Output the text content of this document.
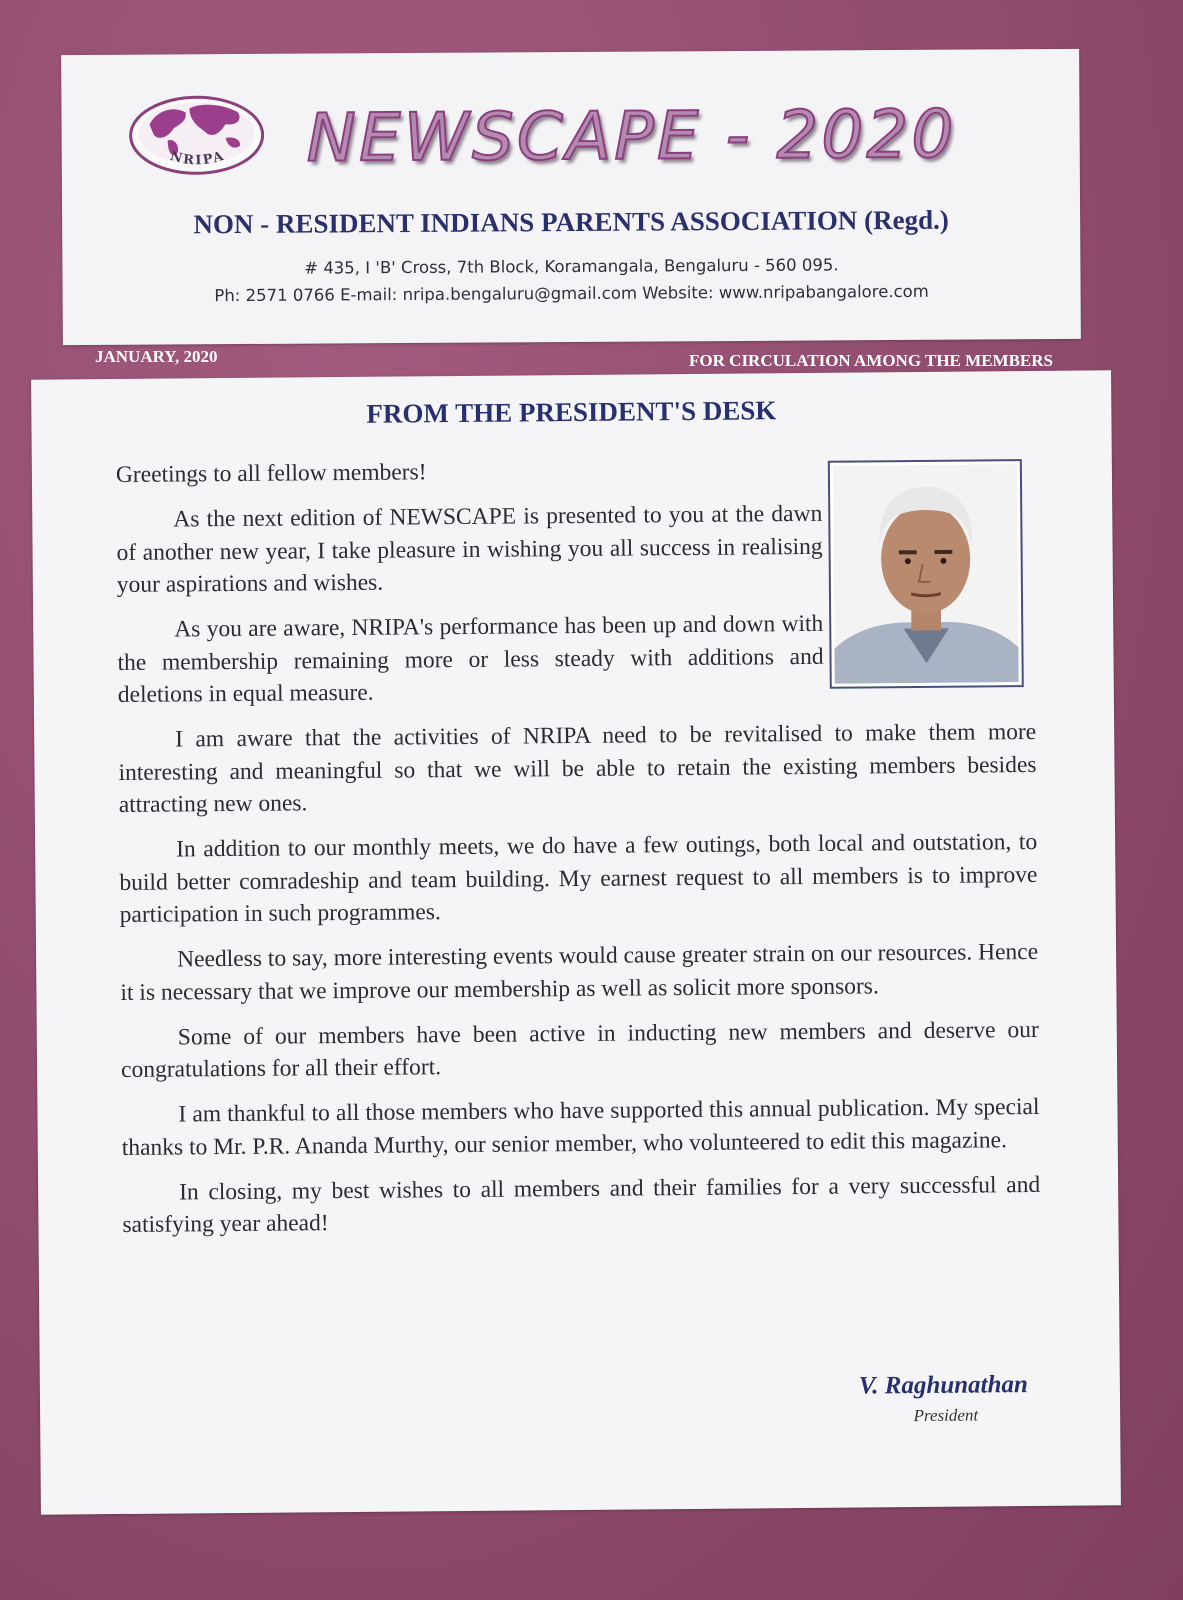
NRIPA NEWSCAPE - 2020
NON - RESIDENT INDIANS PARENTS ASSOCIATION (Regd.)
# 435, I 'B' Cross, 7th Block, Koramangala, Bengaluru - 560 095.
Ph: 2571 0766 E-mail: nripa.bengaluru@gmail.com Website: www.nripabangalore.com
JANUARY, 2020	FOR CIRCULATION AMONG THE MEMBERS
FROM THE PRESIDENT'S DESK

Greetings to all fellow members!

As the next edition of NEWSCAPE is presented to you at the dawn of another new year, I take pleasure in wishing you all success in realising your aspirations and wishes.

As you are aware, NRIPA's performance has been up and down with the membership remaining more or less steady with additions and deletions in equal measure.

I am aware that the activities of NRIPA need to be revitalised to make them more interesting and meaningful so that we will be able to retain the existing members besides attracting new ones.

In addition to our monthly meets, we do have a few outings, both local and outstation, to build better comradeship and team building. My earnest request to all members is to improve participation in such programmes.

Needless to say, more interesting events would cause greater strain on our resources. Hence it is necessary that we improve our membership as well as solicit more sponsors.

Some of our members have been active in inducting new members and deserve our congratulations for all their effort.

I am thankful to all those members who have supported this annual publication. My special thanks to Mr. P.R. Ananda Murthy, our senior member, who volunteered to edit this magazine.

In closing, my best wishes to all members and their families for a very successful and satisfying year ahead!

V. Raghunathan
President
